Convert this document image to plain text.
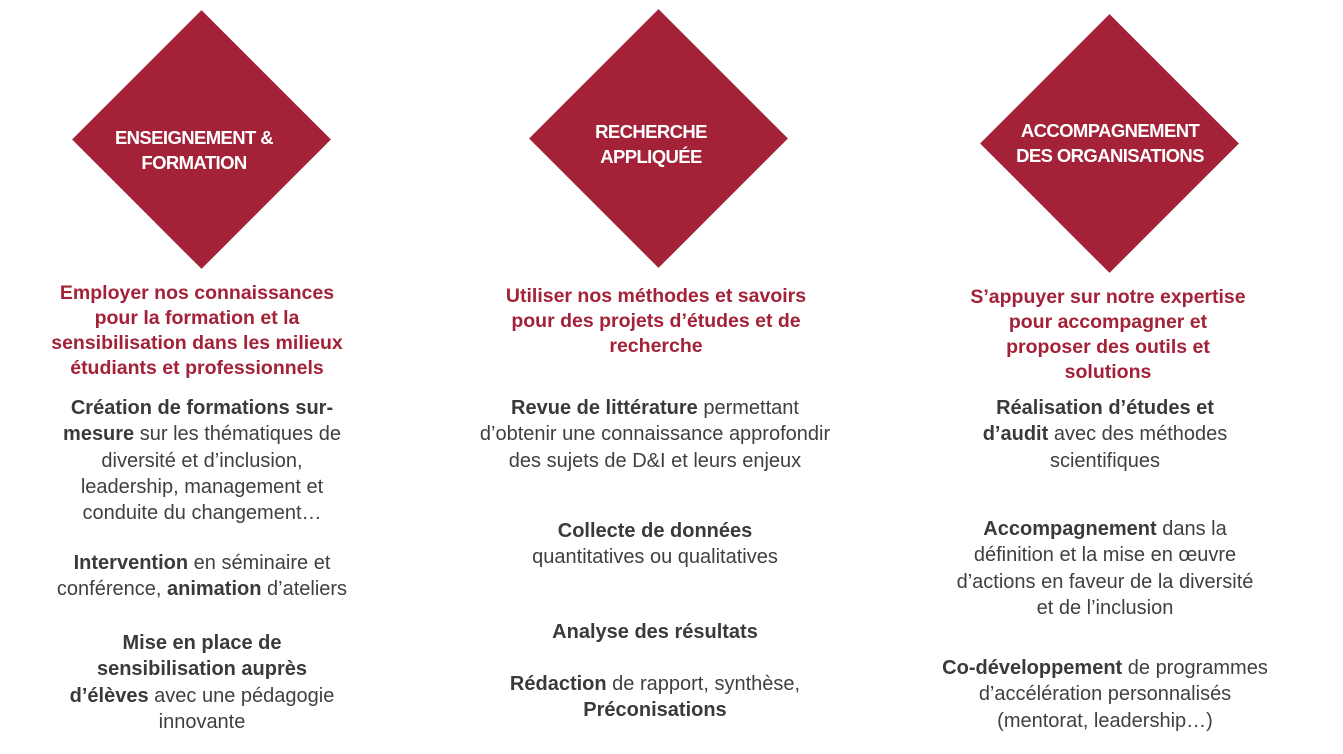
ENSEIGNEMENT &
FORMATION
Employer nos connaissances
pour la formation et la
sensibilisation dans les milieux
étudiants et professionnels
Création de formations sur-
mesure sur les thématiques de
diversité et d’inclusion,
leadership, management et
conduite du changement…
Intervention en séminaire et
conférence, animation d’ateliers
Mise en place de
sensibilisation auprès
d’élèves avec une pédagogie
innovante
RECHERCHE
APPLIQUÉE
Utiliser nos méthodes et savoirs
pour des projets d’études et de
recherche
Revue de littérature permettant
d’obtenir une connaissance approfondir
des sujets de D&I et leurs enjeux
Collecte de données
quantitatives ou qualitatives
Analyse des résultats
Rédaction de rapport, synthèse,
Préconisations
ACCOMPAGNEMENT
DES ORGANISATIONS
S’appuyer sur notre expertise
pour accompagner et
proposer des outils et
solutions
Réalisation d’études et
d’audit avec des méthodes
scientifiques
Accompagnement dans la
définition et la mise en œuvre
d’actions en faveur de la diversité
et de l’inclusion
Co-développement de programmes
d’accélération personnalisés
(mentorat, leadership…)
